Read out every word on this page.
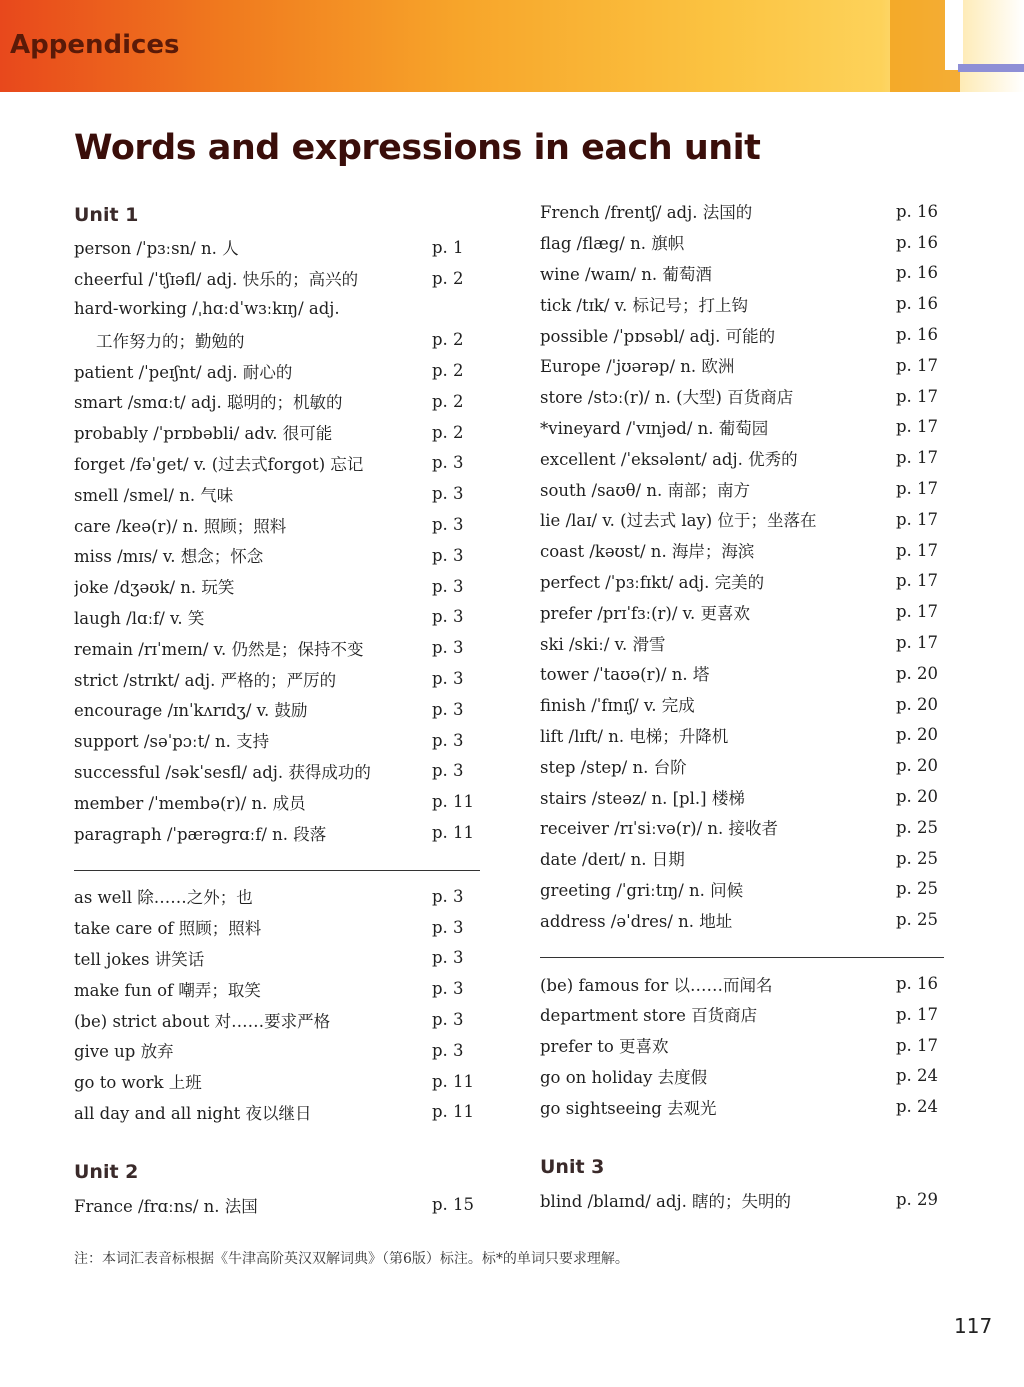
Appendices
Words and expressions in each unit
Unit 1
person /ˈpɜːsn/ n. 人	p. 1
cheerful /ˈtʃɪəfl/ adj. 快乐的；高兴的	p. 2
hard-working /ˌhɑːdˈwɜːkɪŋ/ adj.
工作努力的；勤勉的	p. 2
patient /ˈpeɪʃnt/ adj. 耐心的	p. 2
smart /smɑːt/ adj. 聪明的；机敏的	p. 2
probably /ˈprɒbəbli/ adv. 很可能	p. 2
forget /fəˈget/ v. (过去式forgot) 忘记	p. 3
smell /smel/ n. 气味	p. 3
care /keə(r)/ n. 照顾；照料	p. 3
miss /mɪs/ v. 想念；怀念	p. 3
joke /dʒəʊk/ n. 玩笑	p. 3
laugh /lɑːf/ v. 笑	p. 3
remain /rɪˈmeɪn/ v. 仍然是；保持不变	p. 3
strict /strɪkt/ adj. 严格的；严厉的	p. 3
encourage /ɪnˈkʌrɪdʒ/ v. 鼓励	p. 3
support /səˈpɔːt/ n. 支持	p. 3
successful /səkˈsesfl/ adj. 获得成功的	p. 3
member /ˈmembə(r)/ n. 成员	p. 11
paragraph /ˈpærəgrɑːf/ n. 段落	p. 11
as well 除……之外；也	p. 3
take care of 照顾；照料	p. 3
tell jokes 讲笑话	p. 3
make fun of 嘲弄；取笑	p. 3
(be) strict about 对……要求严格	p. 3
give up 放弃	p. 3
go to work 上班	p. 11
all day and all night 夜以继日	p. 11
Unit 2
France /frɑːns/ n. 法国	p. 15
French /frentʃ/ adj. 法国的	p. 16
flag /flæg/ n. 旗帜	p. 16
wine /waɪn/ n. 葡萄酒	p. 16
tick /tɪk/ v. 标记号；打上钩	p. 16
possible /ˈpɒsəbl/ adj. 可能的	p. 16
Europe /ˈjʊərəp/ n. 欧洲	p. 17
store /stɔː(r)/ n. (大型) 百货商店	p. 17
*vineyard /ˈvɪnjəd/ n. 葡萄园	p. 17
excellent /ˈeksələnt/ adj. 优秀的	p. 17
south /saʊθ/ n. 南部；南方	p. 17
lie /laɪ/ v. (过去式 lay) 位于；坐落在	p. 17
coast /kəʊst/ n. 海岸；海滨	p. 17
perfect /ˈpɜːfɪkt/ adj. 完美的	p. 17
prefer /prɪˈfɜː(r)/ v. 更喜欢	p. 17
ski /skiː/ v. 滑雪	p. 17
tower /ˈtaʊə(r)/ n. 塔	p. 20
finish /ˈfɪnɪʃ/ v. 完成	p. 20
lift /lɪft/ n. 电梯；升降机	p. 20
step /step/ n. 台阶	p. 20
stairs /steəz/ n. [pl.] 楼梯	p. 20
receiver /rɪˈsiːvə(r)/ n. 接收者	p. 25
date /deɪt/ n. 日期	p. 25
greeting /ˈgriːtɪŋ/ n. 问候	p. 25
address /əˈdres/ n. 地址	p. 25
(be) famous for 以……而闻名	p. 16
department store 百货商店	p. 17
prefer to 更喜欢	p. 17
go on holiday 去度假	p. 24
go sightseeing 去观光	p. 24
Unit 3
blind /blaɪnd/ adj. 瞎的；失明的	p. 29

注：本词汇表音标根据《牛津高阶英汉双解词典》（第6版）标注。标*的单词只要求理解。

117
